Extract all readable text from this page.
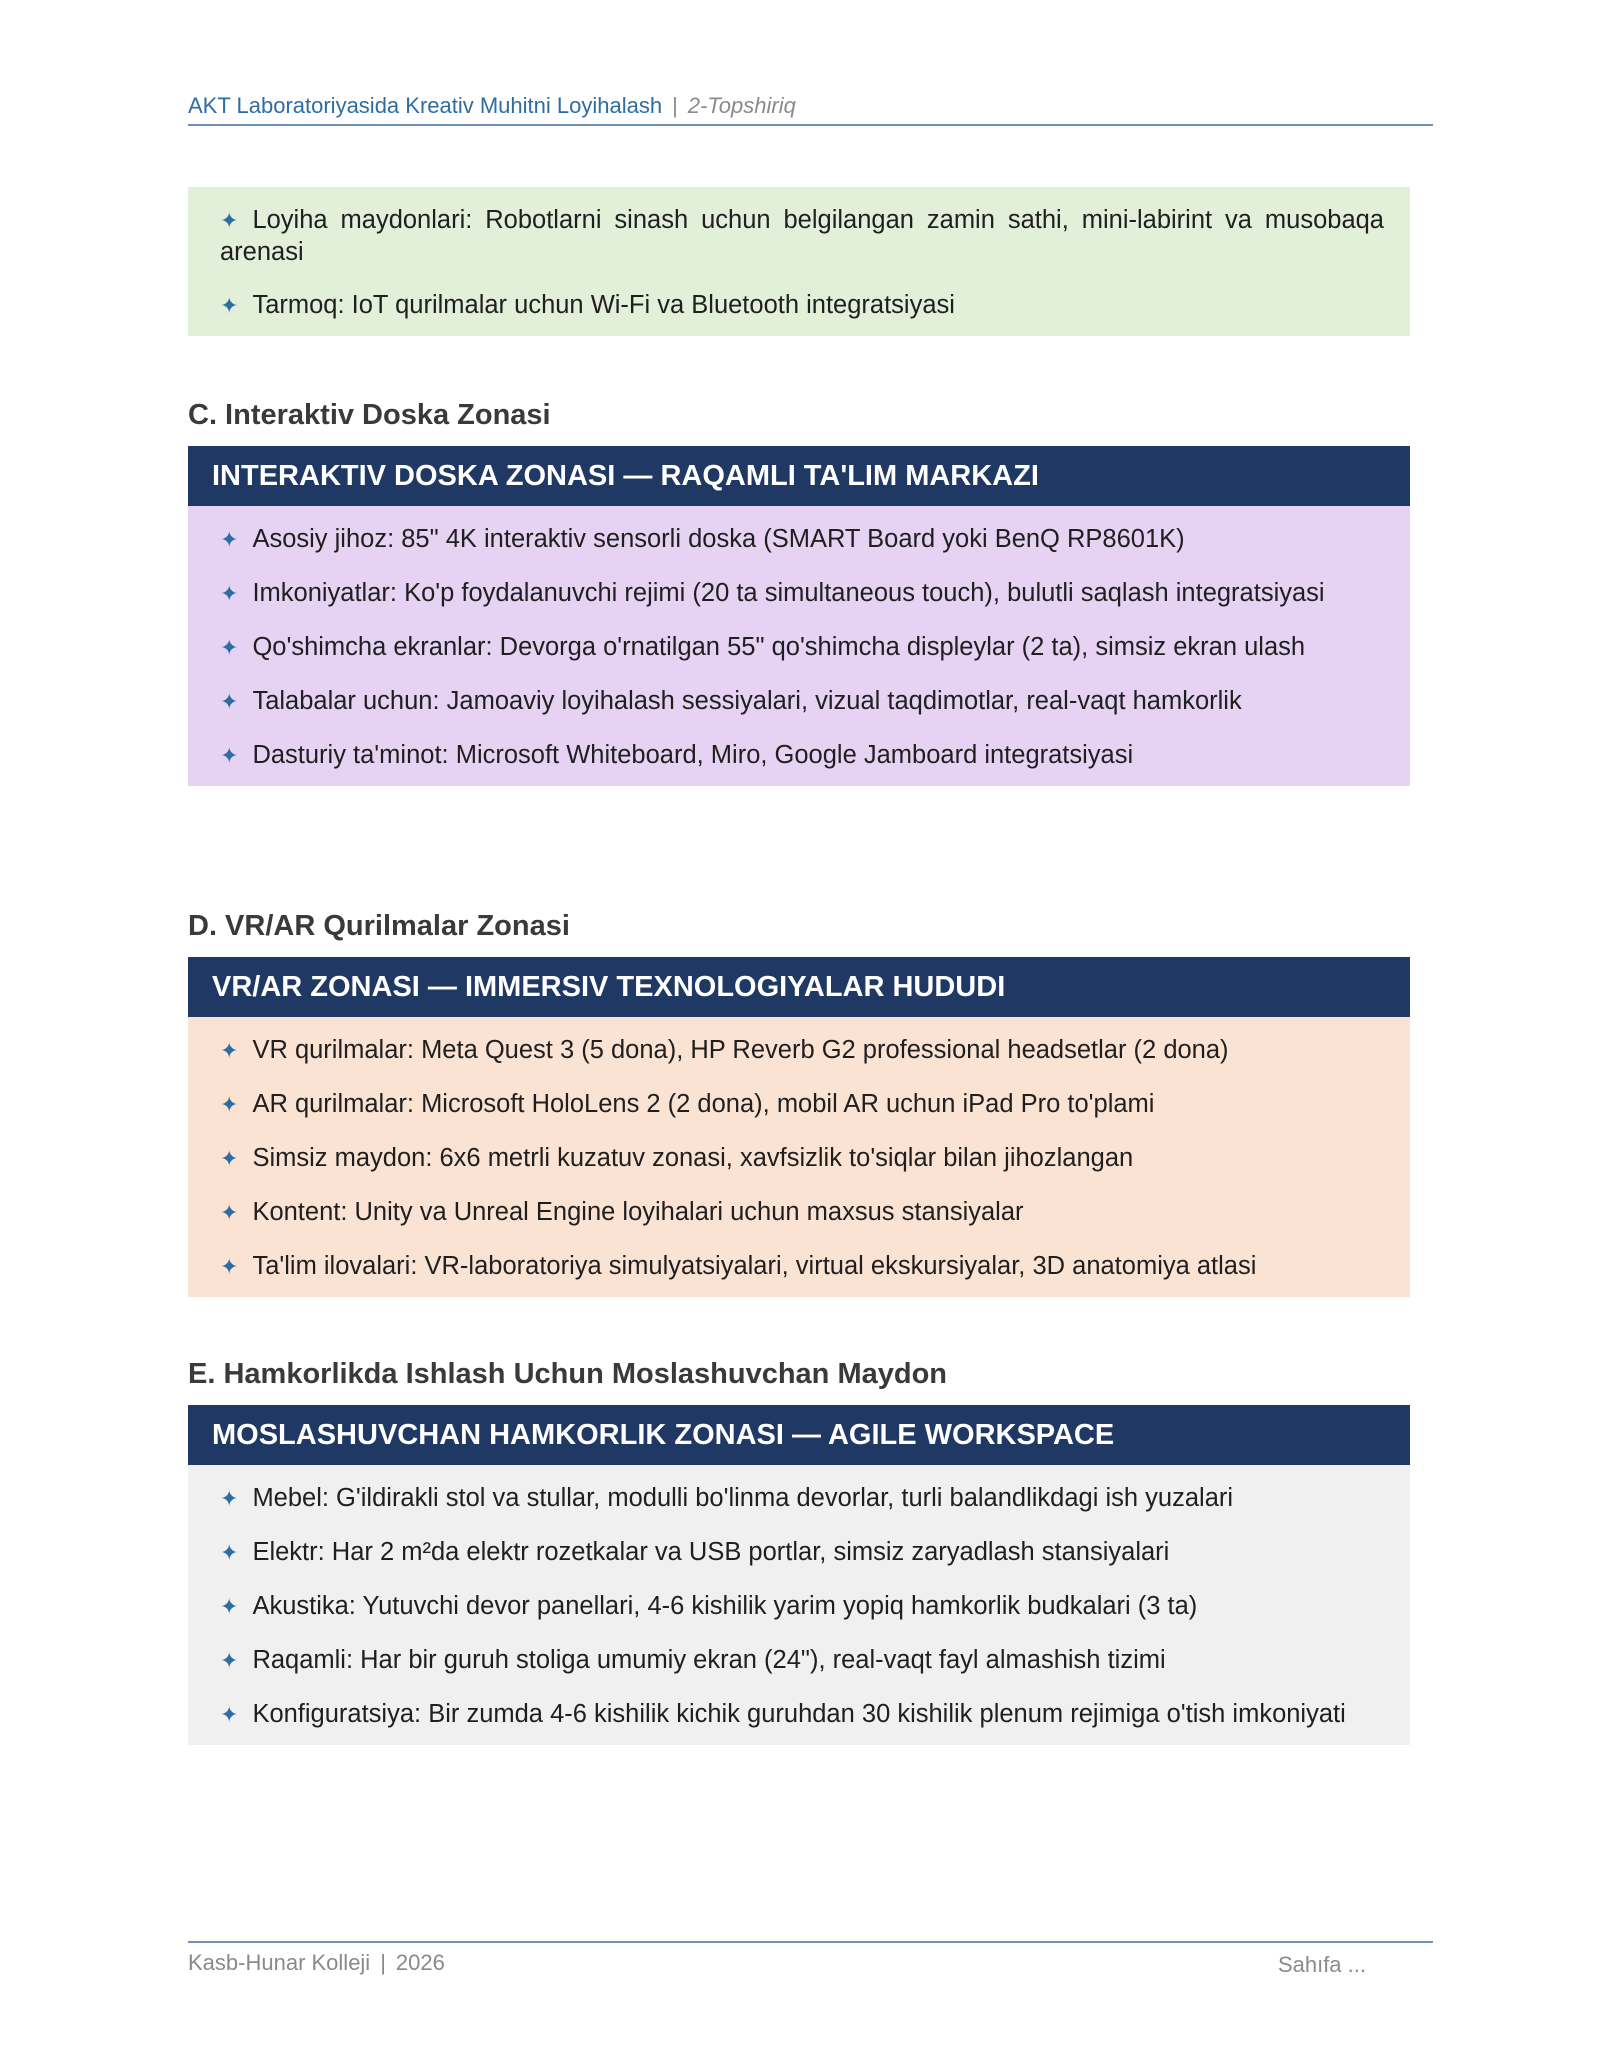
AKT Laboratoriyasida Kreativ Muhitni Loyihalash | 2-Topshiriq
✦ Loyiha maydonlari: Robotlarni sinash uchun belgilangan zamin sathi, mini-labirint va musobaqa arenasi
✦ Tarmoq: IoT qurilmalar uchun Wi-Fi va Bluetooth integratsiyasi
C. Interaktiv Doska Zonasi
INTERAKTIV DOSKA ZONASI — RAQAMLI TA'LIM MARKAZI
✦ Asosiy jihoz: 85" 4K interaktiv sensorli doska (SMART Board yoki BenQ RP8601K)
✦ Imkoniyatlar: Ko'p foydalanuvchi rejimi (20 ta simultaneous touch), bulutli saqlash integratsiyasi
✦ Qo'shimcha ekranlar: Devorga o'rnatilgan 55" qo'shimcha displeylar (2 ta), simsiz ekran ulash
✦ Talabalar uchun: Jamoaviy loyihalash sessiyalari, vizual taqdimotlar, real-vaqt hamkorlik
✦ Dasturiy ta'minot: Microsoft Whiteboard, Miro, Google Jamboard integratsiyasi
D. VR/AR Qurilmalar Zonasi
VR/AR ZONASI — IMMERSIV TEXNOLOGIYALAR HUDUDI
✦ VR qurilmalar: Meta Quest 3 (5 dona), HP Reverb G2 professional headsetlar (2 dona)
✦ AR qurilmalar: Microsoft HoloLens 2 (2 dona), mobil AR uchun iPad Pro to'plami
✦ Simsiz maydon: 6x6 metrli kuzatuv zonasi, xavfsizlik to'siqlar bilan jihozlangan
✦ Kontent: Unity va Unreal Engine loyihalari uchun maxsus stansiyalar
✦ Ta'lim ilovalari: VR-laboratoriya simulyatsiyalari, virtual ekskursiyalar, 3D anatomiya atlasi
E. Hamkorlikda Ishlash Uchun Moslashuvchan Maydon
MOSLASHUVCHAN HAMKORLIK ZONASI — AGILE WORKSPACE
✦ Mebel: G'ildirakli stol va stullar, modulli bo'linma devorlar, turli balandlikdagi ish yuzalari
✦ Elektr: Har 2 m²da elektr rozetkalar va USB portlar, simsiz zaryadlash stansiyalari
✦ Akustika: Yutuvchi devor panellari, 4-6 kishilik yarim yopiq hamkorlik budkalari (3 ta)
✦ Raqamli: Har bir guruh stoliga umumiy ekran (24"), real-vaqt fayl almashish tizimi
✦ Konfiguratsiya: Bir zumda 4-6 kishilik kichik guruhdan 30 kishilik plenum rejimiga o'tish imkoniyati
Kasb-Hunar Kolleji | 2026	Sahıfa ...
